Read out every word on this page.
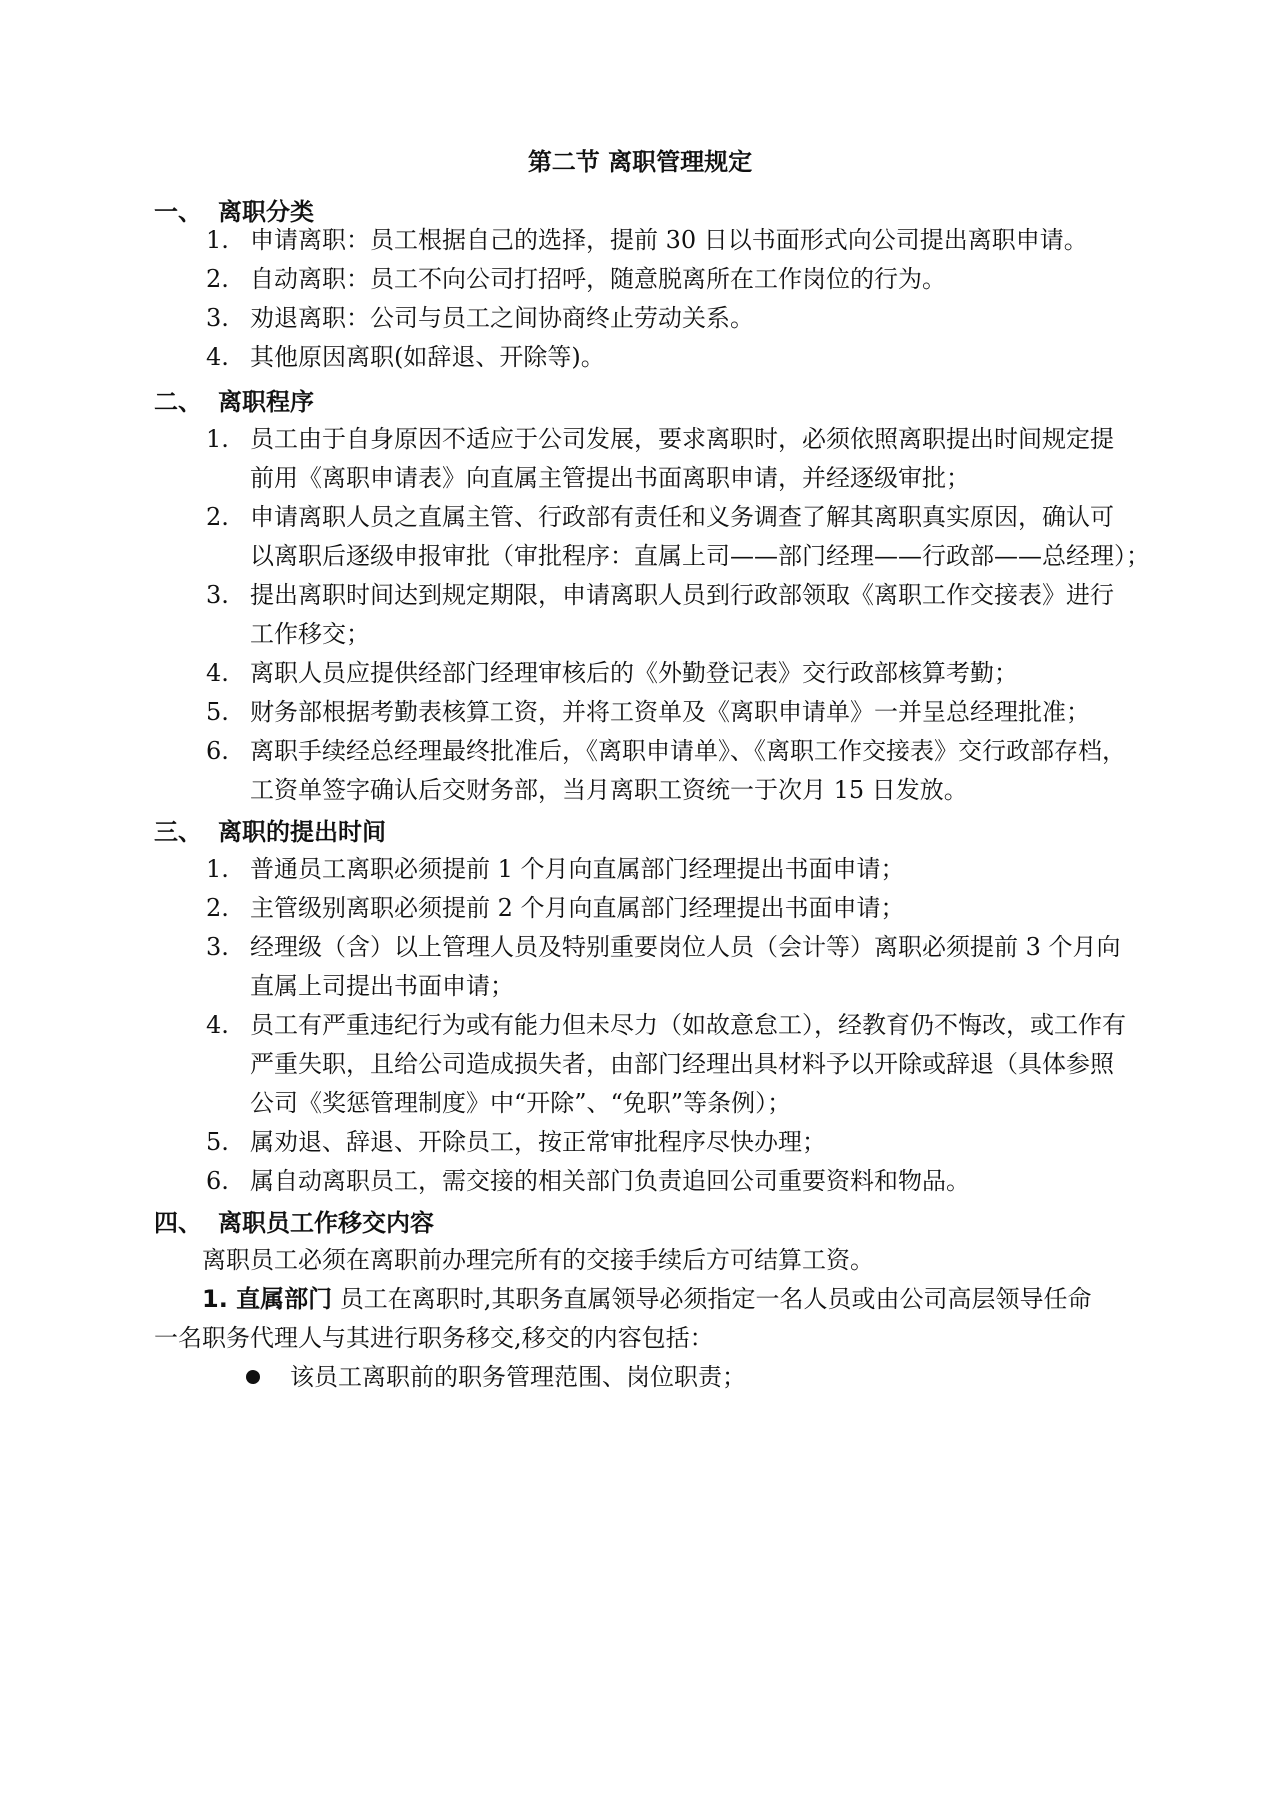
第二节 离职管理规定
一、 离职分类
1. 申请离职：员工根据自己的选择，提前 30 日以书面形式向公司提出离职申请。
2. 自动离职：员工不向公司打招呼，随意脱离所在工作岗位的行为。
3. 劝退离职：公司与员工之间协商终止劳动关系。
4. 其他原因离职(如辞退、开除等)。
二、 离职程序
1. 员工由于自身原因不适应于公司发展，要求离职时，必须依照离职提出时间规定提
前用《离职申请表》向直属主管提出书面离职申请，并经逐级审批；
2. 申请离职人员之直属主管、行政部有责任和义务调查了解其离职真实原因，确认可
以离职后逐级申报审批（审批程序：直属上司——部门经理——行政部——总经理）；
3. 提出离职时间达到规定期限，申请离职人员到行政部领取《离职工作交接表》进行
工作移交；
4. 离职人员应提供经部门经理审核后的《外勤登记表》交行政部核算考勤；
5. 财务部根据考勤表核算工资，并将工资单及《离职申请单》一并呈总经理批准；
6. 离职手续经总经理最终批准后，《离职申请单》、《离职工作交接表》交行政部存档，
工资单签字确认后交财务部，当月离职工资统一于次月 15 日发放。
三、 离职的提出时间
1. 普通员工离职必须提前 1 个月向直属部门经理提出书面申请；
2. 主管级别离职必须提前 2 个月向直属部门经理提出书面申请；
3. 经理级（含）以上管理人员及特别重要岗位人员（会计等）离职必须提前 3 个月向
直属上司提出书面申请；
4. 员工有严重违纪行为或有能力但未尽力（如故意怠工），经教育仍不悔改，或工作有
严重失职，且给公司造成损失者，由部门经理出具材料予以开除或辞退（具体参照
公司《奖惩管理制度》中“开除”、“免职”等条例）；
5. 属劝退、辞退、开除员工，按正常审批程序尽快办理；
6. 属自动离职员工，需交接的相关部门负责追回公司重要资料和物品。
四、 离职员工作移交内容
离职员工必须在离职前办理完所有的交接手续后方可结算工资。
1. 直属部门 员工在离职时,其职务直属领导必须指定一名人员或由公司高层领导任命
一名职务代理人与其进行职务移交,移交的内容包括：
该员工离职前的职务管理范围、岗位职责；
